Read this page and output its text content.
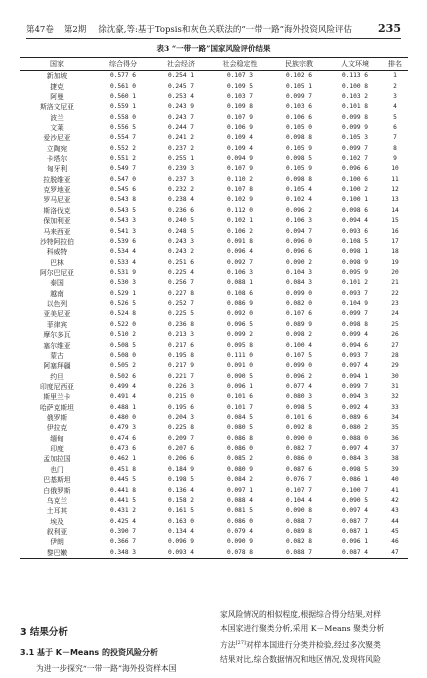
第47卷 第2期 徐沈豪,等:基于Topsis和灰色关联法的“一带一路”海外投资风险评估	235
表3 “一带一路”国家风险评价结果
国家	综合得分	社会经济	社会稳定性	民族宗教	人文环境	排名
新加坡	0.577 6	0.254 1	0.107 3	0.102 6	0.113 6	1
捷克	0.561 0	0.245 7	0.109 5	0.105 1	0.100 8	2
阿曼	0.560 1	0.253 4	0.103 7	0.099 7	0.103 2	3
斯洛文尼亚	0.559 1	0.243 9	0.109 8	0.103 6	0.101 8	4
波兰	0.558 0	0.243 7	0.107 9	0.106 6	0.099 8	5
文莱	0.556 5	0.244 7	0.106 9	0.105 0	0.099 9	6
爱沙尼亚	0.554 7	0.241 2	0.109 4	0.098 8	0.105 3	7
立陶宛	0.552 2	0.237 2	0.109 4	0.105 9	0.099 7	8
卡塔尔	0.551 2	0.255 1	0.094 9	0.098 5	0.102 7	9
匈牙利	0.549 7	0.239 3	0.107 9	0.105 9	0.096 6	10
拉脱维亚	0.547 0	0.237 3	0.110 2	0.098 8	0.100 6	11
克罗地亚	0.545 6	0.232 2	0.107 8	0.105 4	0.100 2	12
罗马尼亚	0.543 8	0.238 4	0.102 9	0.102 4	0.100 1	13
斯洛伐克	0.543 5	0.236 6	0.112 0	0.096 2	0.098 6	14
保加利亚	0.543 3	0.240 5	0.102 1	0.106 3	0.094 4	15
马来西亚	0.541 3	0.248 5	0.106 2	0.094 7	0.093 6	16
沙特阿拉伯	0.539 6	0.243 3	0.091 8	0.096 0	0.108 5	17
科威特	0.534 4	0.243 2	0.096 4	0.096 6	0.098 1	18
巴林	0.533 4	0.251 6	0.092 7	0.090 2	0.098 9	19
阿尔巴尼亚	0.531 9	0.225 4	0.106 3	0.104 3	0.095 9	20
泰国	0.530 3	0.256 7	0.088 1	0.084 3	0.101 2	21
越南	0.529 1	0.227 8	0.108 6	0.099 0	0.093 7	22
以色列	0.526 5	0.252 7	0.086 9	0.082 0	0.104 9	23
亚美尼亚	0.524 8	0.225 5	0.092 0	0.107 6	0.099 7	24
菲律宾	0.522 0	0.236 8	0.096 5	0.089 9	0.098 8	25
摩尔多瓦	0.510 2	0.213 3	0.099 2	0.098 2	0.099 4	26
塞尔维亚	0.508 5	0.217 6	0.095 8	0.100 4	0.094 6	27
蒙古	0.508 0	0.195 8	0.111 0	0.107 5	0.093 7	28
阿塞拜疆	0.505 2	0.217 9	0.091 0	0.099 0	0.097 4	29
约旦	0.502 6	0.221 7	0.090 5	0.096 2	0.094 1	30
印度尼西亚	0.499 4	0.226 3	0.096 1	0.077 4	0.099 7	31
斯里兰卡	0.491 4	0.215 0	0.101 6	0.080 3	0.094 3	32
哈萨克斯坦	0.488 1	0.195 6	0.101 7	0.098 5	0.092 4	33
俄罗斯	0.480 0	0.204 3	0.084 5	0.101 6	0.089 6	34
伊拉克	0.479 3	0.225 8	0.080 5	0.092 8	0.080 2	35
缅甸	0.474 6	0.209 7	0.086 8	0.090 0	0.088 0	36
印度	0.473 6	0.207 6	0.086 0	0.082 7	0.097 4	37
孟加拉国	0.462 1	0.206 6	0.085 2	0.086 0	0.084 3	38
也门	0.451 8	0.184 9	0.080 9	0.087 6	0.098 5	39
巴基斯坦	0.445 5	0.198 5	0.084 2	0.076 7	0.086 1	40
白俄罗斯	0.441 8	0.136 4	0.097 1	0.107 7	0.100 7	41
乌克兰	0.441 5	0.158 2	0.088 4	0.104 4	0.090 5	42
土耳其	0.431 2	0.161 5	0.081 5	0.090 8	0.097 4	43
埃及	0.425 4	0.163 0	0.086 0	0.088 7	0.087 7	44
叙利亚	0.390 7	0.134 4	0.079 4	0.089 8	0.087 1	45
伊朗	0.366 7	0.096 9	0.090 9	0.082 8	0.096 1	46
黎巴嫩	0.348 3	0.093 4	0.078 8	0.088 7	0.087 4	47
3 结果分析
3.1 基于 K－Means 的投资风险分析
为进一步探究“一带一路”海外投资样本国
家风险情况的相似程度,根据综合得分结果,对样
本国家进行聚类分析,采用 K－Means 聚类分析
方法[27]对样本国进行分类并检验,经过多次聚类
结果对比,综合数据情况和地区情况,发现将风险
